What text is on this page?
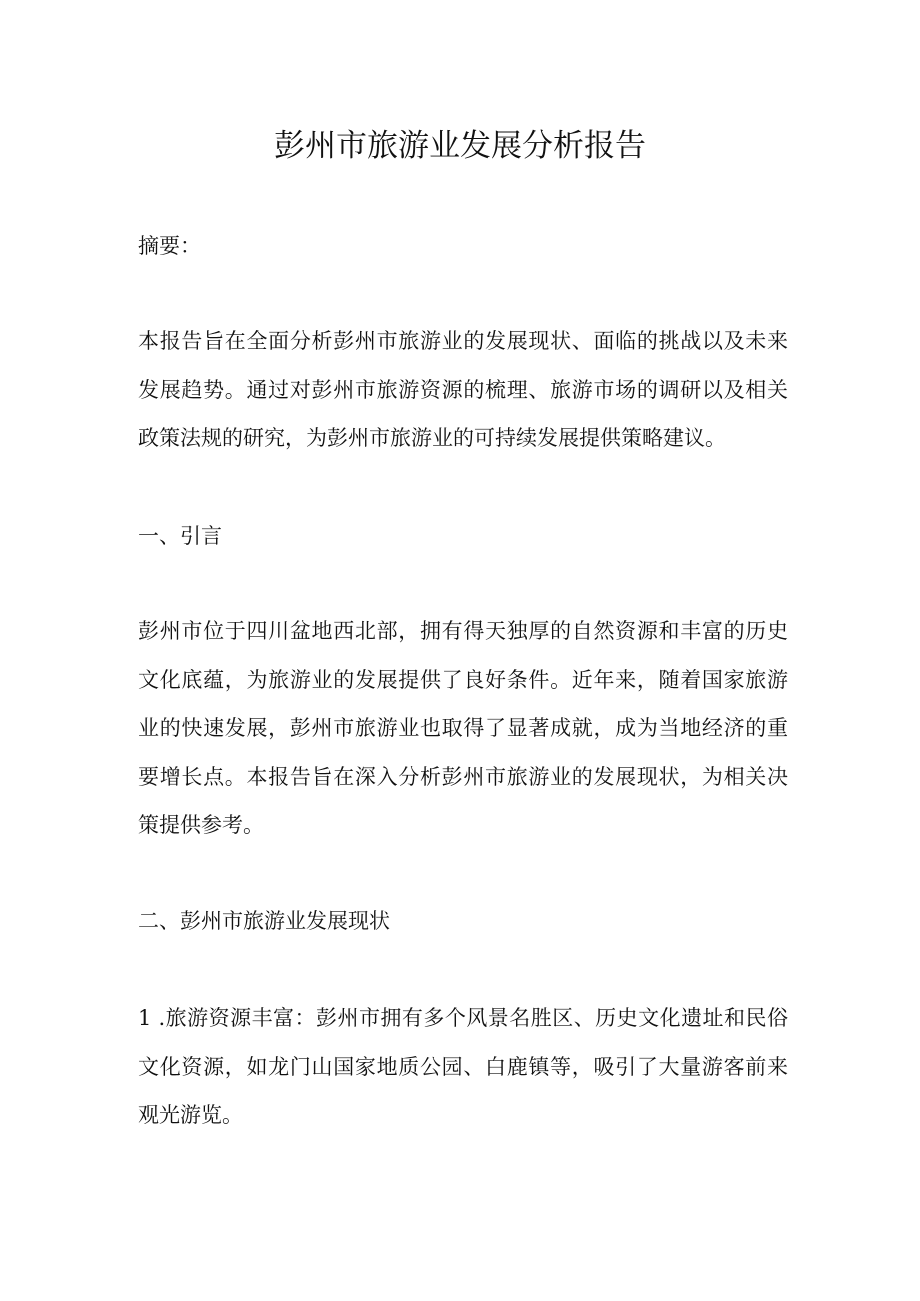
彭州市旅游业发展分析报告

摘要：

本报告旨在全面分析彭州市旅游业的发展现状、面临的挑战以及未来发展趋势。通过对彭州市旅游资源的梳理、旅游市场的调研以及相关政策法规的研究，为彭州市旅游业的可持续发展提供策略建议。

一、引言

彭州市位于四川盆地西北部，拥有得天独厚的自然资源和丰富的历史文化底蕴，为旅游业的发展提供了良好条件。近年来，随着国家旅游业的快速发展，彭州市旅游业也取得了显著成就，成为当地经济的重要增长点。本报告旨在深入分析彭州市旅游业的发展现状，为相关决策提供参考。

二、彭州市旅游业发展现状

1 .旅游资源丰富：彭州市拥有多个风景名胜区、历史文化遗址和民俗文化资源，如龙门山国家地质公园、白鹿镇等，吸引了大量游客前来观光游览。
